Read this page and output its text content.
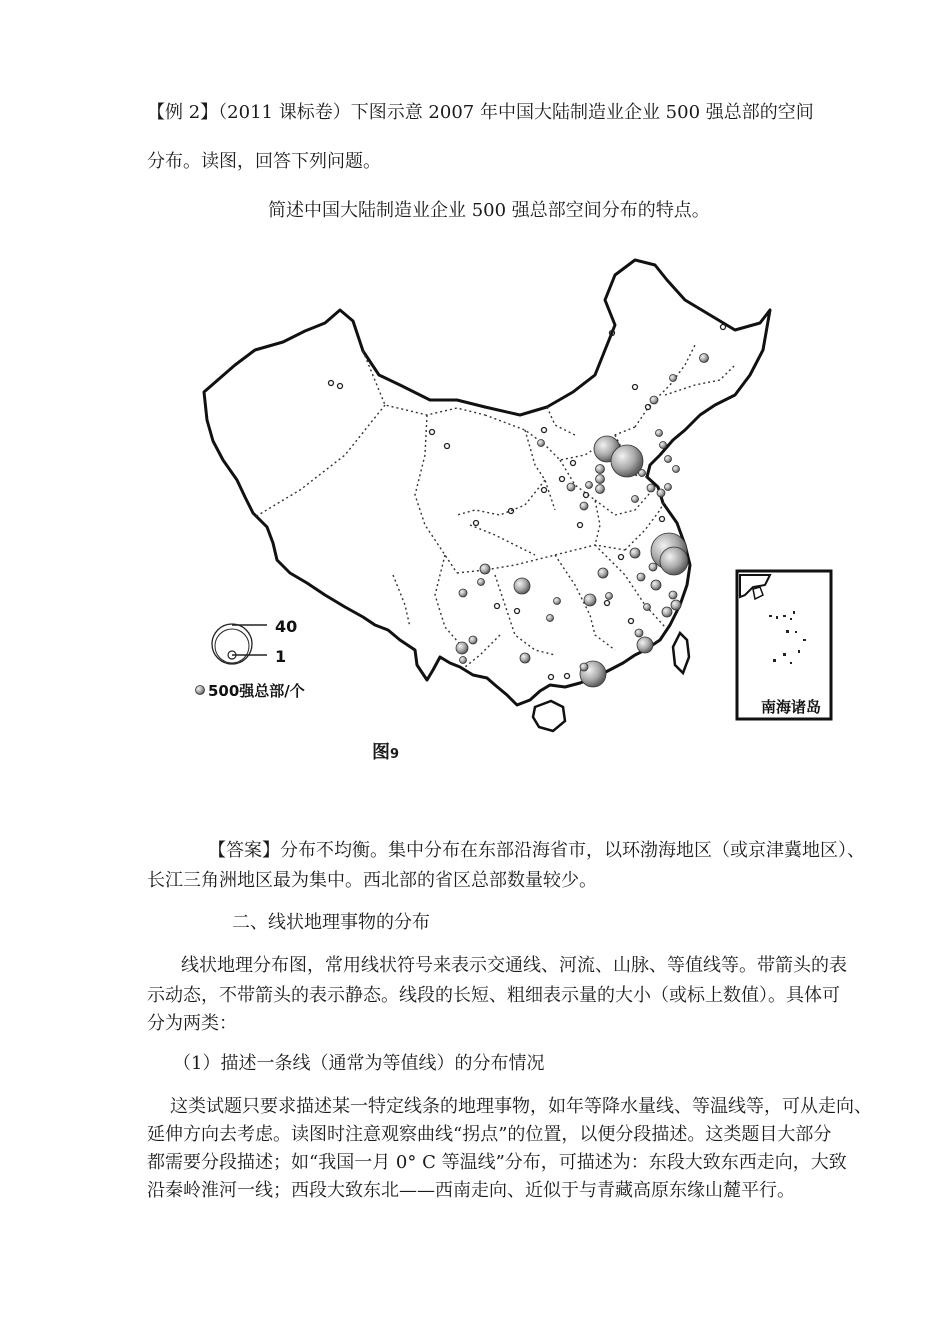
【例 2】（2011 课标卷）下图示意 2007 年中国大陆制造业企业 500 强总部的空间
分布。读图，回答下列问题。
简述中国大陆制造业企业 500 强总部空间分布的特点。
40
1
500强总部/个
南海诸岛
图9
【答案】分布不均衡。集中分布在东部沿海省市，以环渤海地区（或京津冀地区）、
长江三角洲地区最为集中。西北部的省区总部数量较少。
二、线状地理事物的分布
线状地理分布图，常用线状符号来表示交通线、河流、山脉、等值线等。带箭头的表
示动态，不带箭头的表示静态。线段的长短、粗细表示量的大小（或标上数值）。具体可
分为两类：
（1）描述一条线（通常为等值线）的分布情况
这类试题只要求描述某一特定线条的地理事物，如年等降水量线、等温线等，可从走向、
延伸方向去考虑。读图时注意观察曲线“拐点”的位置，以便分段描述。这类题目大部分
都需要分段描述；如“我国一月 0° C 等温线”分布，可描述为：东段大致东西走向，大致
沿秦岭淮河一线；西段大致东北——西南走向、近似于与青藏高原东缘山麓平行。
